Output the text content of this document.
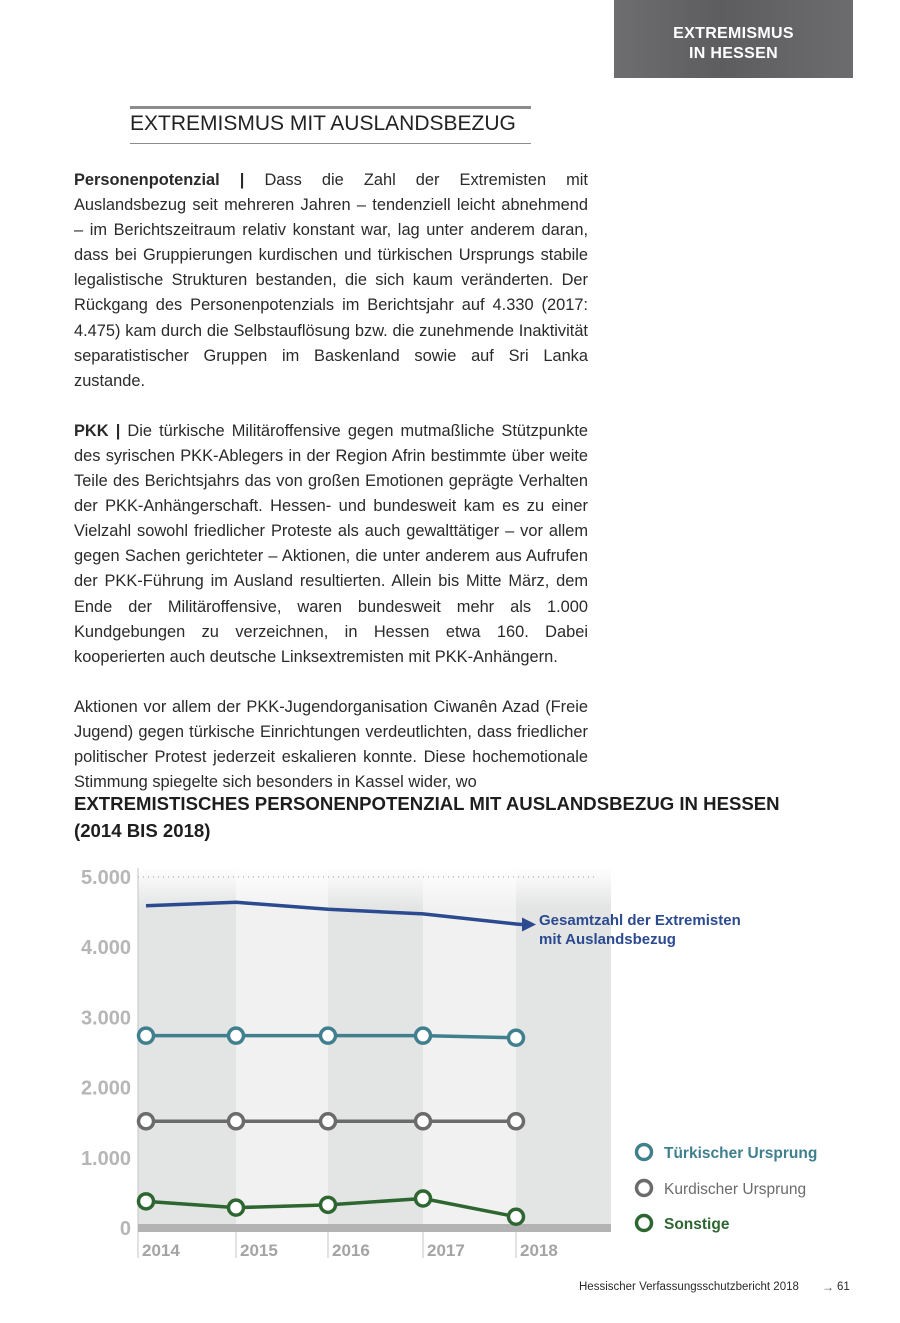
EXTREMISMUS
IN HESSEN
EXTREMISMUS MIT AUSLANDSBEZUG

Personenpotenzial | Dass die Zahl der Extremisten mit Auslandsbezug seit mehreren Jahren – tendenziell leicht abnehmend – im Berichtszeitraum relativ konstant war, lag unter anderem daran, dass bei Gruppierungen kurdischen und türkischen Ursprungs stabile legalistische Strukturen bestanden, die sich kaum veränderten. Der Rückgang des Personenpotenzials im Berichtsjahr auf 4.330 (2017: 4.475) kam durch die Selbstauflösung bzw. die zunehmende Inaktivität separatistischer Gruppen im Baskenland sowie auf Sri Lanka zustande.

PKK | Die türkische Militäroffensive gegen mutmaßliche Stützpunkte des syrischen PKK-Ablegers in der Region Afrin bestimmte über weite Teile des Berichtsjahrs das von großen Emotionen geprägte Verhalten der PKK-Anhängerschaft. Hessen- und bundesweit kam es zu einer Vielzahl sowohl friedlicher Proteste als auch gewalttätiger – vor allem gegen Sachen gerichteter – Aktionen, die unter anderem aus Aufrufen der PKK-Führung im Ausland resultierten. Allein bis Mitte März, dem Ende der Militäroffensive, waren bundesweit mehr als 1.000 Kundgebungen zu verzeichnen, in Hessen etwa 160. Dabei kooperierten auch deutsche Linksextremisten mit PKK-Anhängern.

Aktionen vor allem der PKK-Jugendorganisation Ciwanên Azad (Freie Jugend) gegen türkische Einrichtungen verdeutlichten, dass friedlicher politischer Protest jederzeit eskalieren konnte. Diese hochemotionale Stimmung spiegelte sich besonders in Kassel wider, wo

EXTREMISTISCHES PERSONENPOTENZIAL MIT AUSLANDSBEZUG IN HESSEN
(2014 BIS 2018)
0
1.000
2.000
3.000
4.000
5.000
2014	2015	2016	2017	2018
Gesamtzahl der Extremisten
mit Auslandsbezug
Türkischer Ursprung
Kurdischer Ursprung
Sonstige
Hessischer Verfassungsschutzbericht 2018 → 61
